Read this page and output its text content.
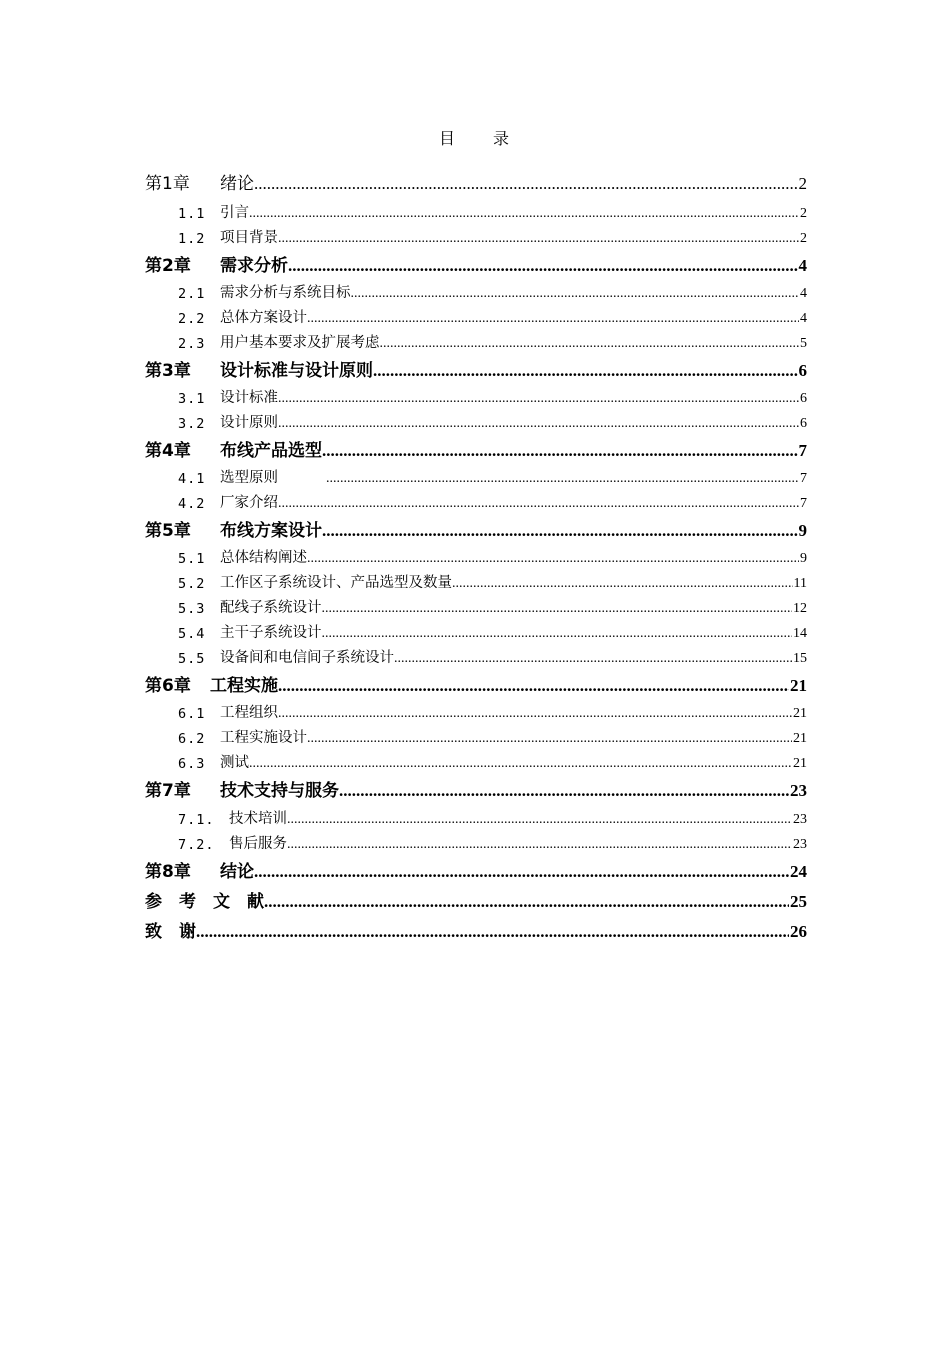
目　　录
第1章	绪论 .....	2
1.1	引言 .....	2
1.2	项目背景 .....	2
第2章	需求分析 .....	4
2.1	需求分析与系统目标 .....	4
2.2	总体方案设计 .....	4
2.3	用户基本要求及扩展考虑 .....	5
第3章	设计标准与设计原则 .....	6
3.1	设计标准 .....	6
3.2	设计原则 .....	6
第4章	布线产品选型 .....	7
4.1	选型原则 .....	7
4.2	厂家介绍 .....	7
第5章	布线方案设计 .....	9
5.1	总体结构阐述 .....	9
5.2	工作区子系统设计、产品选型及数量 .....	11
5.3	配线子系统设计 .....	12
5.4	主干子系统设计 .....	14
5.5	设备间和电信间子系统设计 .....	15
第6章	工程实施 .....	21
6.1	工程组织 .....	21
6.2	工程实施设计 .....	21
6.3	测试 .....	21
第7章	技术支持与服务 .....	23
7.1. 技术培训 .....	23
7.2. 售后服务 .....	23
第8章	结论 .....	24
参　考　文　献 .....	25
致　谢 .....	26
